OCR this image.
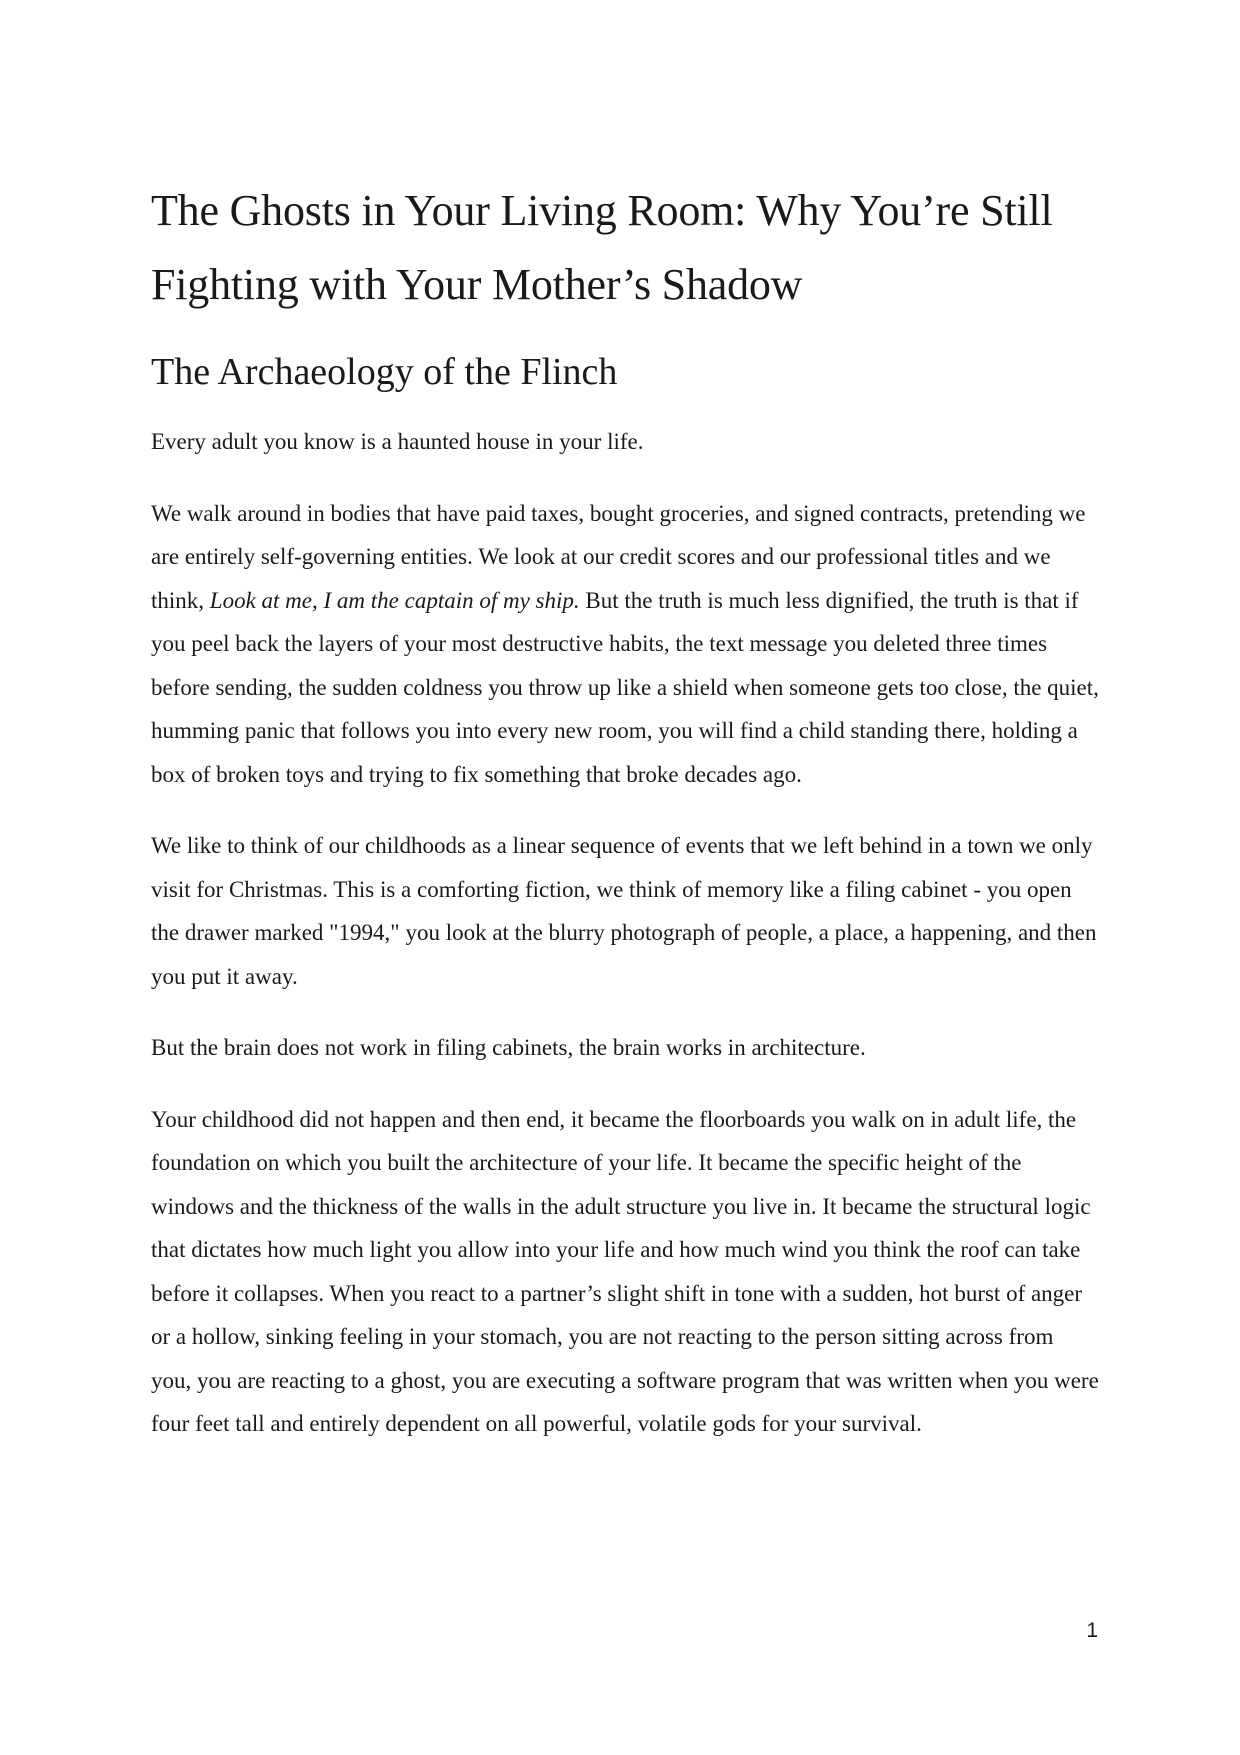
The Ghosts in Your Living Room: Why You’re Still Fighting with Your Mother’s Shadow
The Archaeology of the Flinch

Every adult you know is a haunted house in your life.

We walk around in bodies that have paid taxes, bought groceries, and signed contracts, pretending we are entirely self-governing entities. We look at our credit scores and our professional titles and we think, Look at me, I am the captain of my ship. But the truth is much less dignified, the truth is that if you peel back the layers of your most destructive habits, the text message you deleted three times before sending, the sudden coldness you throw up like a shield when someone gets too close, the quiet, humming panic that follows you into every new room, you will find a child standing there, holding a box of broken toys and trying to fix something that broke decades ago.

We like to think of our childhoods as a linear sequence of events that we left behind in a town we only visit for Christmas. This is a comforting fiction, we think of memory like a filing cabinet - you open the drawer marked "1994," you look at the blurry photograph of people, a place, a happening, and then you put it away.

But the brain does not work in filing cabinets, the brain works in architecture.

Your childhood did not happen and then end, it became the floorboards you walk on in adult life, the foundation on which you built the architecture of your life. It became the specific height of the windows and the thickness of the walls in the adult structure you live in. It became the structural logic that dictates how much light you allow into your life and how much wind you think the roof can take before it collapses. When you react to a partner’s slight shift in tone with a sudden, hot burst of anger or a hollow, sinking feeling in your stomach, you are not reacting to the person sitting across from you, you are reacting to a ghost, you are executing a software program that was written when you were four feet tall and entirely dependent on all powerful, volatile gods for your survival.

1
